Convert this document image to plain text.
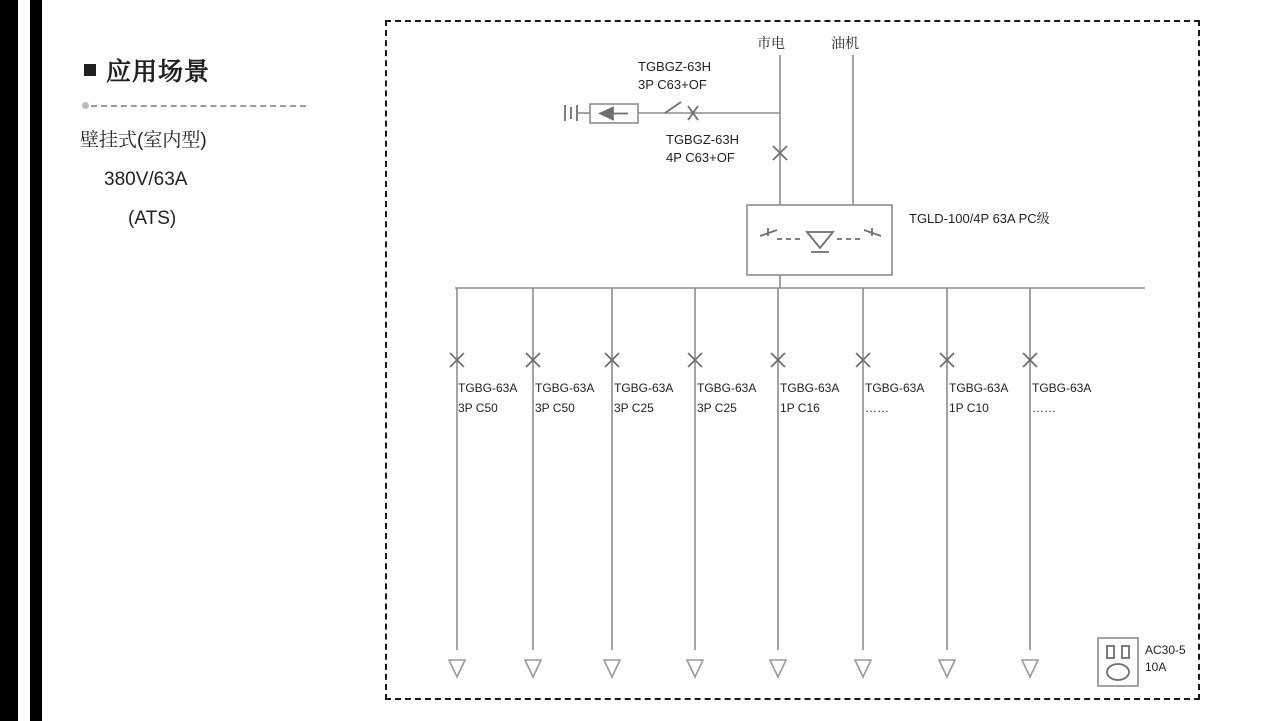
应用场景
壁挂式(室内型)
380V/63A
(ATS)
市电	油机
TGBGZ-63H
3P C63+OF
TGBGZ-63H
4P C63+OF
TGLD-100/4P 63A PC级
TGBG-63A
3P C50
TGBG-63A
3P C50
TGBG-63A
3P C25
TGBG-63A
3P C25
TGBG-63A
1P C16
TGBG-63A
……
TGBG-63A
1P C10
TGBG-63A
……
AC30-5
10A
